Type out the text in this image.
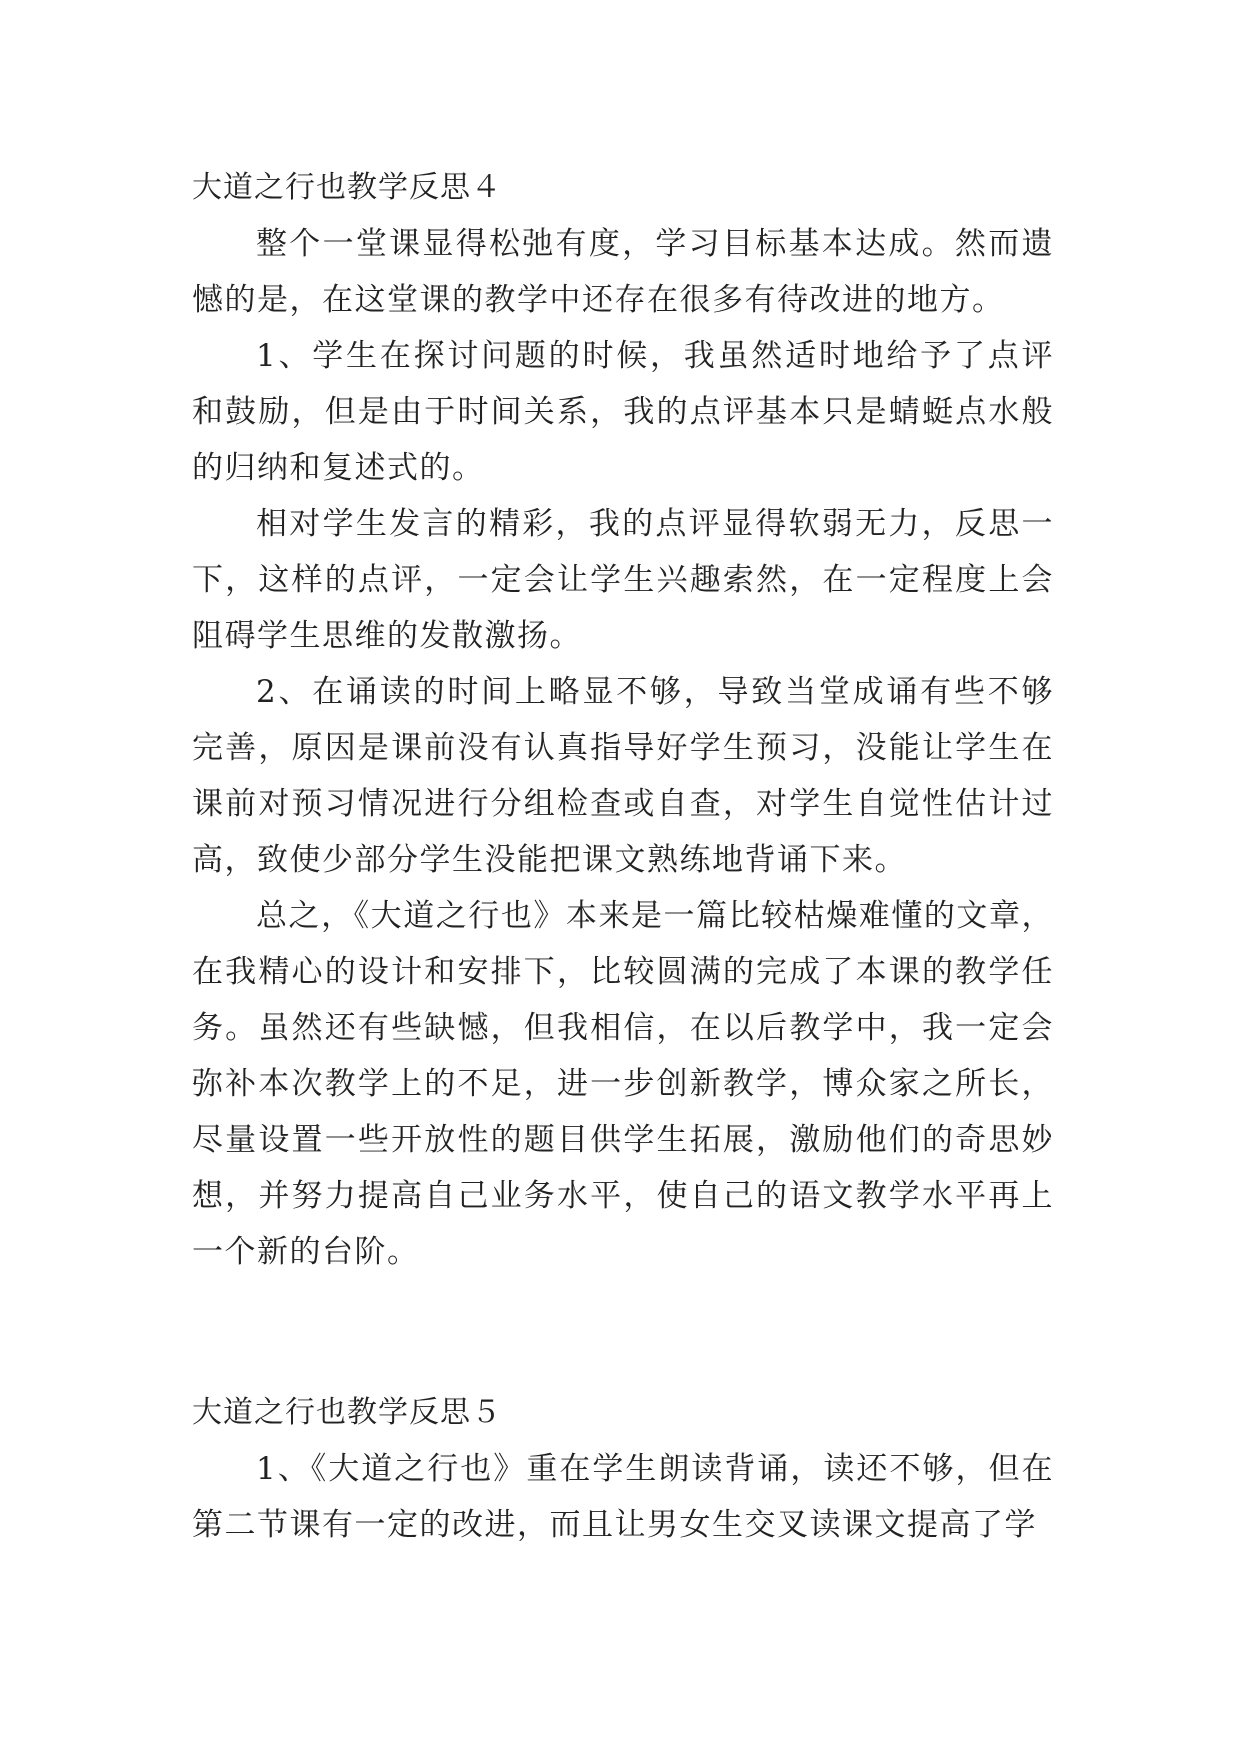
大道之行也教学反思４

整个一堂课显得松弛有度，学习目标基本达成。然而遗憾的是，在这堂课的教学中还存在很多有待改进的地方。

1、学生在探讨问题的时候，我虽然适时地给予了点评和鼓励，但是由于时间关系，我的点评基本只是蜻蜓点水般的归纳和复述式的。

相对学生发言的精彩，我的点评显得软弱无力，反思一下，这样的点评，一定会让学生兴趣索然，在一定程度上会阻碍学生思维的发散激扬。

2、在诵读的时间上略显不够，导致当堂成诵有些不够完善，原因是课前没有认真指导好学生预习，没能让学生在课前对预习情况进行分组检查或自查，对学生自觉性估计过高，致使少部分学生没能把课文熟练地背诵下来。

总之，《大道之行也》本来是一篇比较枯燥难懂的文章，在我精心的设计和安排下，比较圆满的完成了本课的教学任务。虽然还有些缺憾，但我相信，在以后教学中，我一定会弥补本次教学上的不足，进一步创新教学，博众家之所长，尽量设置一些开放性的题目供学生拓展，激励他们的奇思妙想，并努力提高自己业务水平，使自己的语文教学水平再上一个新的台阶。

大道之行也教学反思５

1、《大道之行也》重在学生朗读背诵，读还不够，但在第二节课有一定的改进，而且让男女生交叉读课文提高了学
